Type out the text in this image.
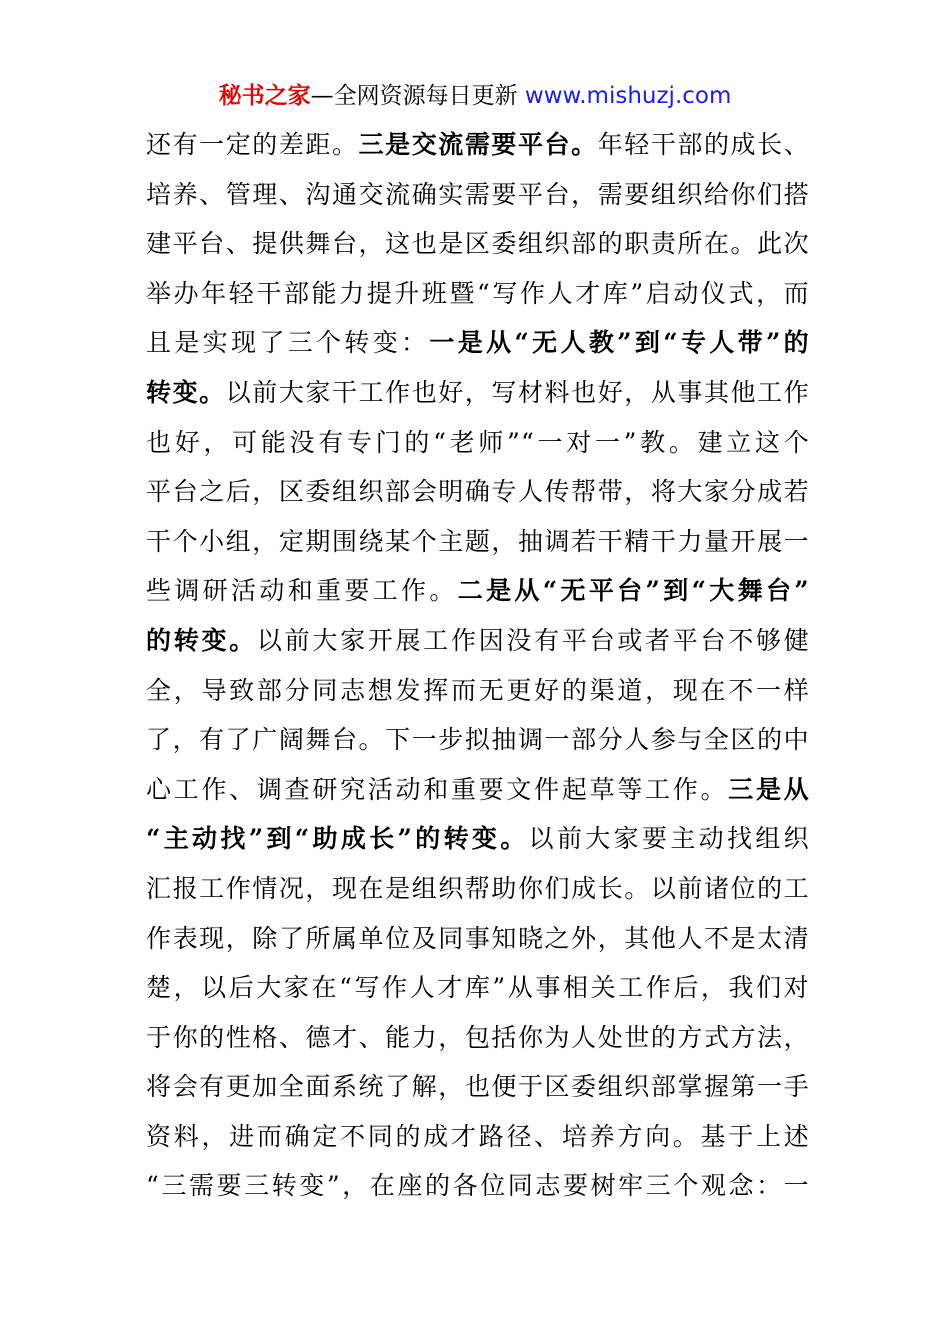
秘书之家—全网资源每日更新 www.mishuzj.com
还有一定的差距。三是交流需要平台。年轻干部的成长、
培养、管理、沟通交流确实需要平台，需要组织给你们搭
建平台、提供舞台，这也是区委组织部的职责所在。此次
举办年轻干部能力提升班暨“写作人才库”启动仪式，而
且是实现了三个转变：一是从“无人教”到“专人带”的
转变。以前大家干工作也好，写材料也好，从事其他工作
也好，可能没有专门的“老师”“一对一”教。建立这个
平台之后，区委组织部会明确专人传帮带，将大家分成若
干个小组，定期围绕某个主题，抽调若干精干力量开展一
些调研活动和重要工作。二是从“无平台”到“大舞台”
的转变。以前大家开展工作因没有平台或者平台不够健
全，导致部分同志想发挥而无更好的渠道，现在不一样
了，有了广阔舞台。下一步拟抽调一部分人参与全区的中
心工作、调查研究活动和重要文件起草等工作。三是从
“主动找”到“助成长”的转变。以前大家要主动找组织
汇报工作情况，现在是组织帮助你们成长。以前诸位的工
作表现，除了所属单位及同事知晓之外，其他人不是太清
楚，以后大家在“写作人才库”从事相关工作后，我们对
于你的性格、德才、能力，包括你为人处世的方式方法，
将会有更加全面系统了解，也便于区委组织部掌握第一手
资料，进而确定不同的成才路径、培养方向。基于上述
“三需要三转变”，在座的各位同志要树牢三个观念：一
